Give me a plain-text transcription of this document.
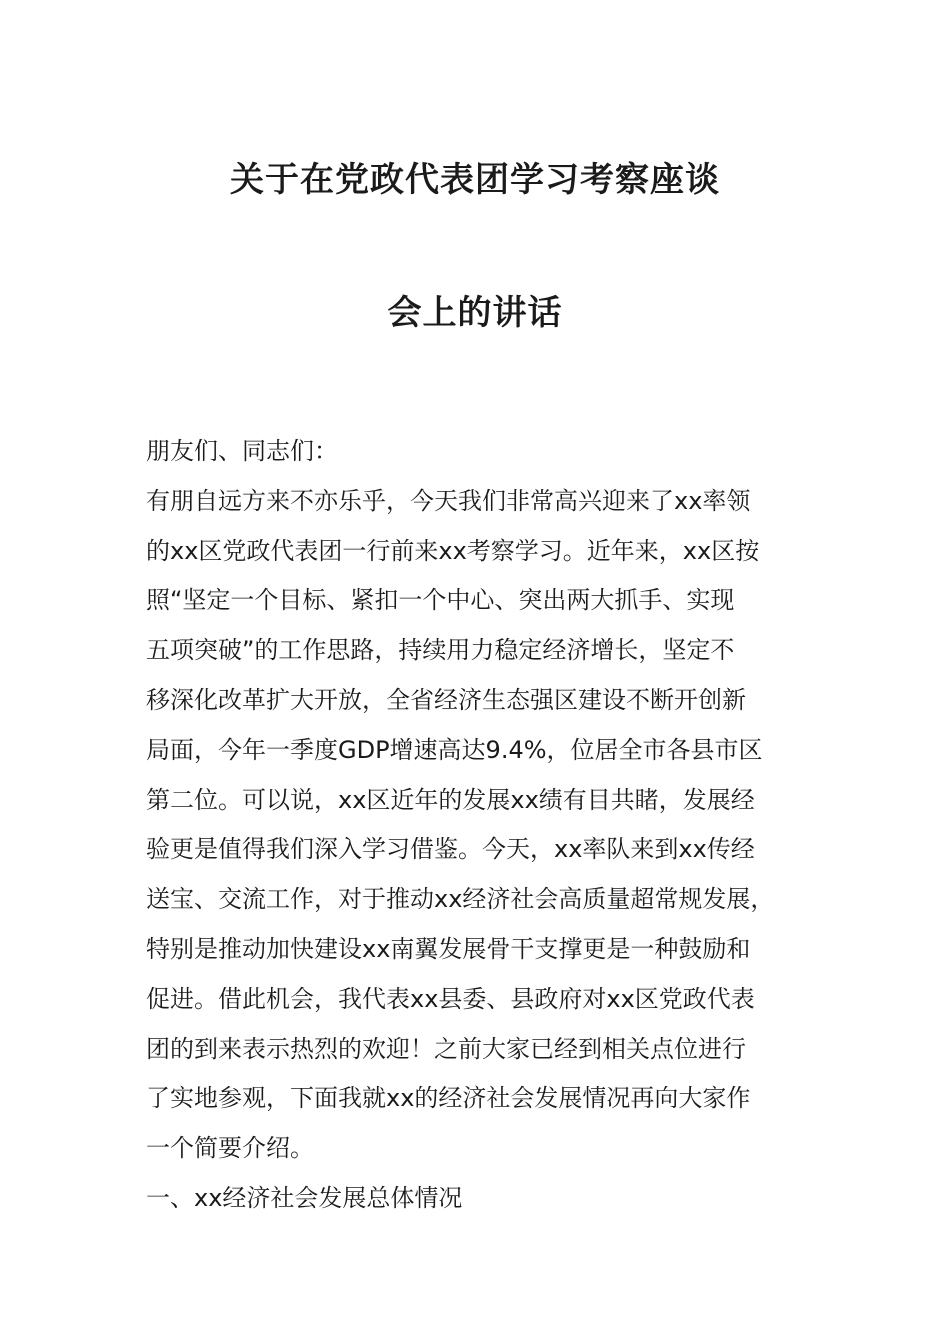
关于在党政代表团学习考察座谈
会上的讲话
朋友们、同志们：
有朋自远方来不亦乐乎，今天我们非常高兴迎来了xx率领
的xx区党政代表团一行前来xx考察学习。近年来，xx区按
照“坚定一个目标、紧扣一个中心、突出两大抓手、实现
五项突破”的工作思路，持续用力稳定经济增长，坚定不
移深化改革扩大开放，全省经济生态强区建设不断开创新
局面，今年一季度GDP增速高达9.4%，位居全市各县市区
第二位。可以说，xx区近年的发展xx绩有目共睹，发展经
验更是值得我们深入学习借鉴。今天，xx率队来到xx传经
送宝、交流工作，对于推动xx经济社会高质量超常规发展，
特别是推动加快建设xx南翼发展骨干支撑更是一种鼓励和
促进。借此机会，我代表xx县委、县政府对xx区党政代表
团的到来表示热烈的欢迎！之前大家已经到相关点位进行
了实地参观，下面我就xx的经济社会发展情况再向大家作
一个简要介绍。
一、xx经济社会发展总体情况
